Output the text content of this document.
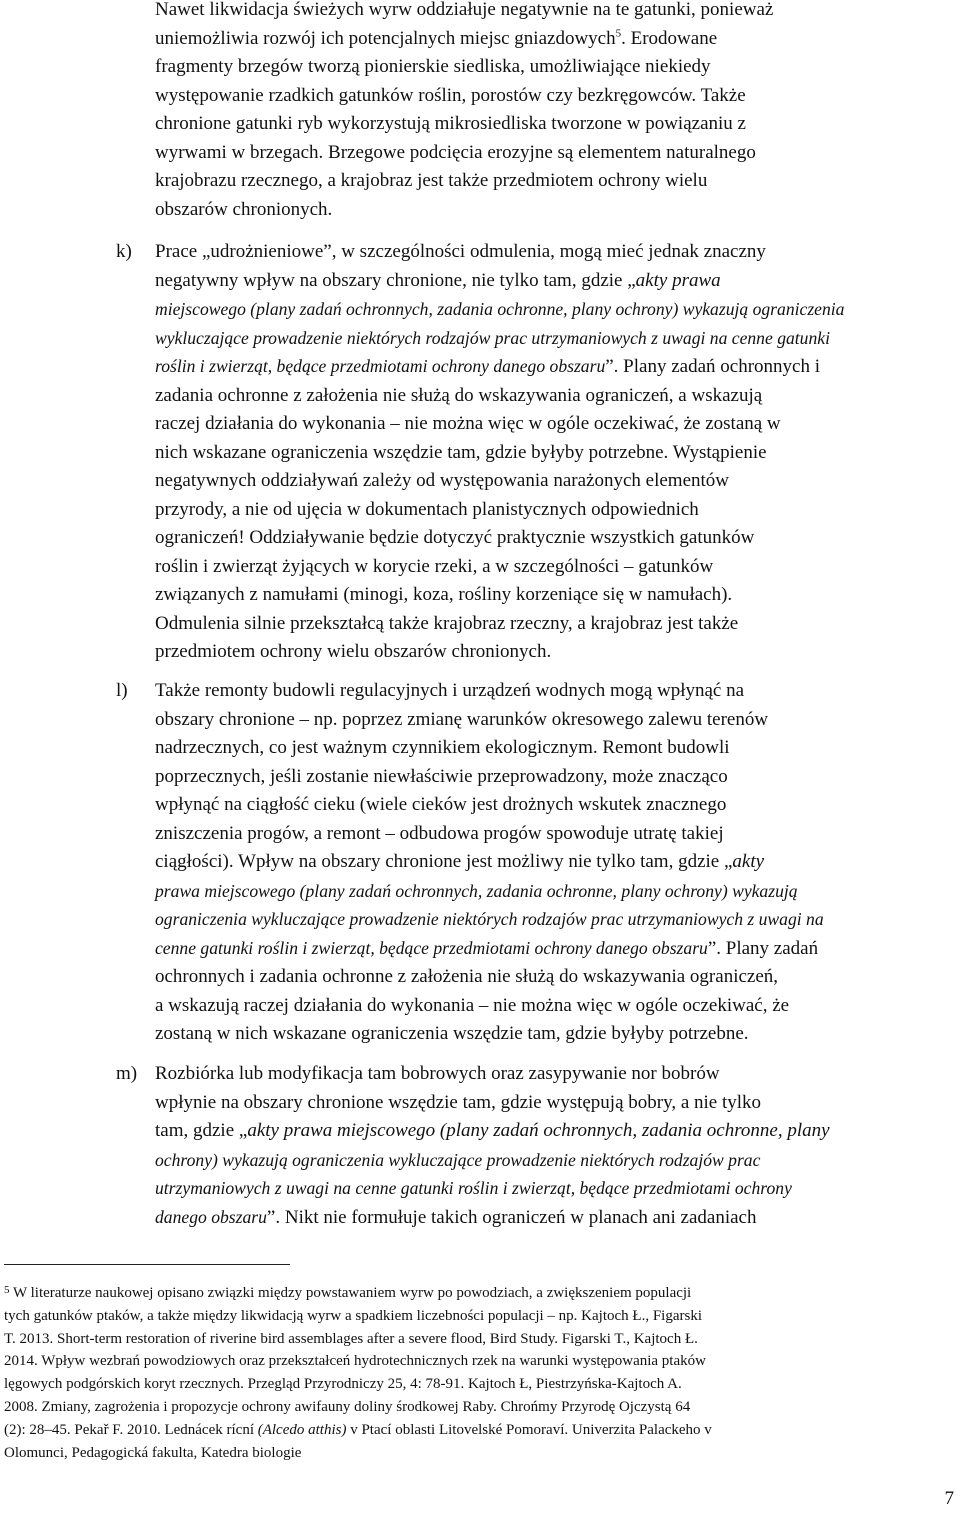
Nawet likwidacja świeżych wyrw oddziałuje negatywnie na te gatunki, ponieważ
uniemożliwia rozwój ich potencjalnych miejsc gniazdowych$^5$. Erodowane
fragmenty brzegów tworzą pionierskie siedliska, umożliwiające niekiedy
występowanie rzadkich gatunków roślin, porostów czy bezkręgowców. Także
chronione gatunki ryb wykorzystują mikrosiedliska tworzone w powiązaniu z
wyrwami w brzegach. Brzegowe podcięcia erozyjne są elementem naturalnego
krajobrazu rzecznego, a krajobraz jest także przedmiotem ochrony wielu
obszarów chronionych.
k) Prace „udrożnieniowe”, w szczególności odmulenia, mogą mieć jednak znaczny
negatywny wpływ na obszary chronione, nie tylko tam, gdzie „akty prawa
miejscowego (plany zadań ochronnych, zadania ochronne, plany ochrony) wykazują ograniczenia
wykluczające prowadzenie niektórych rodzajów prac utrzymaniowych z uwagi na cenne gatunki
roślin i zwierząt, będące przedmiotami ochrony danego obszaru”. Plany zadań ochronnych i
zadania ochronne z założenia nie służą do wskazywania ograniczeń, a wskazują
raczej działania do wykonania – nie można więc w ogóle oczekiwać, że zostaną w
nich wskazane ograniczenia wszędzie tam, gdzie byłyby potrzebne. Wystąpienie
negatywnych oddziaływań zależy od występowania narażonych elementów
przyrody, a nie od ujęcia w dokumentach planistycznych odpowiednich
ograniczeń! Oddziaływanie będzie dotyczyć praktycznie wszystkich gatunków
roślin i zwierząt żyjących w korycie rzeki, a w szczególności – gatunków
związanych z namułami (minogi, koza, rośliny korzeniące się w namułach).
Odmulenia silnie przekształcą także krajobraz rzeczny, a krajobraz jest także
przedmiotem ochrony wielu obszarów chronionych.
l) Także remonty budowli regulacyjnych i urządzeń wodnych mogą wpłynąć na
obszary chronione – np. poprzez zmianę warunków okresowego zalewu terenów
nadrzecznych, co jest ważnym czynnikiem ekologicznym. Remont budowli
poprzecznych, jeśli zostanie niewłaściwie przeprowadzony, może znacząco
wpłynąć na ciągłość cieku (wiele cieków jest drożnych wskutek znacznego
zniszczenia progów, a remont – odbudowa progów spowoduje utratę takiej
ciągłości). Wpływ na obszary chronione jest możliwy nie tylko tam, gdzie „akty
prawa miejscowego (plany zadań ochronnych, zadania ochronne, plany ochrony) wykazują
ograniczenia wykluczające prowadzenie niektórych rodzajów prac utrzymaniowych z uwagi na
cenne gatunki roślin i zwierząt, będące przedmiotami ochrony danego obszaru”. Plany zadań
ochronnych i zadania ochronne z założenia nie służą do wskazywania ograniczeń,
a wskazują raczej działania do wykonania – nie można więc w ogóle oczekiwać, że
zostaną w nich wskazane ograniczenia wszędzie tam, gdzie byłyby potrzebne.
m) Rozbiórka lub modyfikacja tam bobrowych oraz zasypywanie nor bobrów
wpłynie na obszary chronione wszędzie tam, gdzie występują bobry, a nie tylko
tam, gdzie „akty prawa miejscowego (plany zadań ochronnych, zadania ochronne, plany
ochrony) wykazują ograniczenia wykluczające prowadzenie niektórych rodzajów prac
utrzymaniowych z uwagi na cenne gatunki roślin i zwierząt, będące przedmiotami ochrony
danego obszaru”. Nikt nie formułuje takich ograniczeń w planach ani zadaniach
$^5$ W literaturze naukowej opisano związki między powstawaniem wyrw po powodziach, a zwiększeniem populacji
tych gatunków ptaków, a także między likwidacją wyrw a spadkiem liczebności populacji – np. Kajtoch Ł., Figarski
T. 2013. Short-term restoration of riverine bird assemblages after a severe flood, Bird Study. Figarski T., Kajtoch Ł.
2014. Wpływ wezbrań powodziowych oraz przekształceń hydrotechnicznych rzek na warunki występowania ptaków
lęgowych podgórskich koryt rzecznych. Przegląd Przyrodniczy 25, 4: 78-91. Kajtoch Ł, Piestrzyńska-Kajtoch A.
2008. Zmiany, zagrożenia i propozycje ochrony awifauny doliny środkowej Raby. Chrońmy Przyrodę Ojczystą 64
(2): 28–45. Pekař F. 2010. Lednácek rícní (Alcedo atthis) v Ptací oblasti Litovelské Pomoraví. Univerzita Palackeho v
Olomunci, Pedagogická fakulta, Katedra biologie
7
